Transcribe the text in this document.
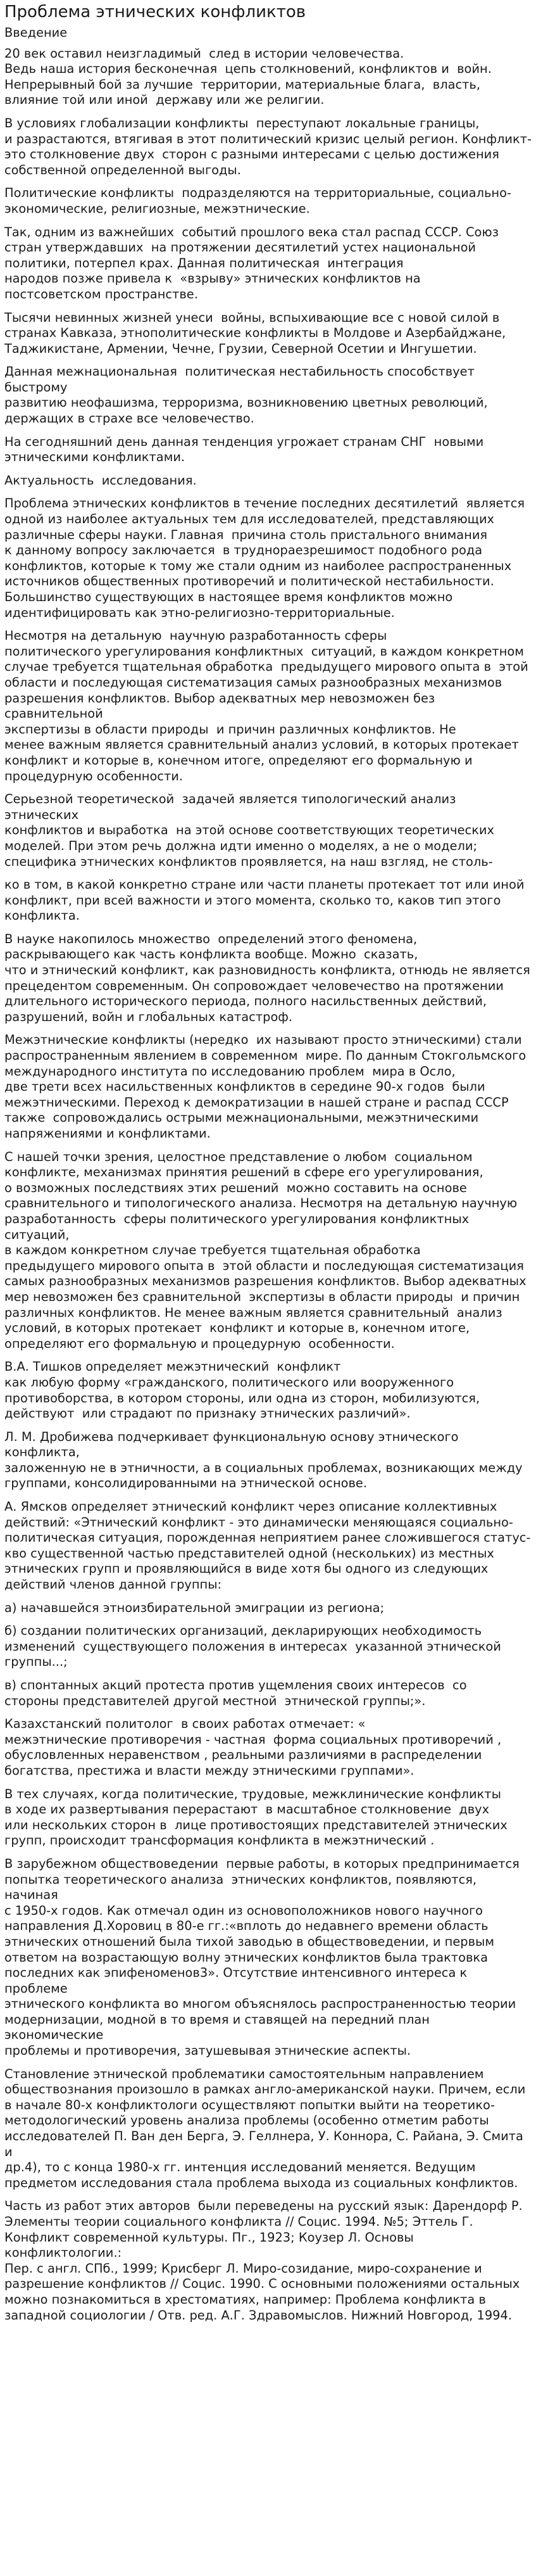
Проблема этнических конфликтов

Введение

20 век оставил неизгладимый  след в истории человечества.
Ведь наша история бесконечная  цепь столкновений, конфликтов и  войн.
Непрерывный бой за лучшие  территории, материальные блага,  власть,
влияние той или иной  державу или же религии.

В условиях глобализации конфликты  переступают локальные границы,
и разрастаются, втягивая в этот политический кризис целый регион. Конфликт-
это столкновение двух  сторон с разными интересами с целью достижения
собственной определенной выгоды.

Политические конфликты  подразделяются на территориальные, социально-
экономические, религиозные, межэтнические.

Так, одним из важнейших  событий прошлого века стал распад СССР. Союз
стран утверждавших  на протяжении десятилетий устех национальной
политики, потерпел крах. Данная политическая  интеграция
народов позже привела к  «взрыву» этнических конфликтов на
постсоветском пространстве.

Тысячи невинных жизней унеси  войны, вспыхивающие все с новой силой в
странах Кавказа, этнополитические конфликты в Молдове и Азербайджане,
Таджикистане, Армении, Чечне, Грузии, Северной Осетии и Ингушетии.

Данная межнациональная  политическая нестабильность способствует быстрому
развитию неофашизма, терроризма, возникновению цветных революций,
держащих в страхе все человечество.

На сегодняшний день данная тенденция угрожает странам СНГ  новыми
этническими конфликтами.

Актуальность  исследования.

Проблема этнических конфликтов в течение последних десятилетий  является
одной из наиболее актуальных тем для исследователей, представляющих
различные сферы науки. Главная  причина столь пристального внимания
к данному вопросу заключается  в труднораезрешимост подобного рода
конфликтов, которые к тому же стали одним из наиболее распространенных
источников общественных противоречий и политической нестабильности.
Большинство существующих в настоящее время конфликтов можно
идентифицировать как этно-религиозно-территориальные.

Несмотря на детальную  научную разработанность сферы
политического урегулирования конфликтных  ситуаций, в каждом конкретном
случае требуется тщательная обработка  предыдущего мирового опыта в  этой
области и последующая систематизация самых разнообразных механизмов
разрешения конфликтов. Выбор адекватных мер невозможен без сравнительной
экспертизы в области природы  и причин различных конфликтов. Не
менее важным является сравнительный анализ условий, в которых протекает
конфликт и которые в, конечном итоге, определяют его формальную и
процедурную особенности.

Серьезной теоретической  задачей является типологический анализ этнических
конфликтов и выработка  на этой основе соответствующих теоретических
моделей. При этом речь должна идти именно о моделях, а не о модели;
специфика этнических конфликтов проявляется, на наш взгляд, не столь-

ко в том, в какой конкретно стране или части планеты протекает тот или иной
конфликт, при всей важности и этого момента, сколько то, каков тип этого
конфликта.

В науке накопилось множество  определений этого феномена,
раскрывающего как часть конфликта вообще. Можно  сказать,
что и этнический конфликт, как разновидность конфликта, отнюдь не является
прецедентом современным. Он сопровождает человечество на протяжении
длительного исторического периода, полного насильственных действий,
разрушений, войн и глобальных катастроф.

Межэтнические конфликты (нередко  их называют просто этническими) стали
распространенным явлением в современном  мире. По данным Стокгольмского
международного института по исследованию проблем  мира в Осло,
две трети всех насильственных конфликтов в середине 90-х годов  были
межэтническими. Переход к демократизации в нашей стране и распад СССР
также  сопровождались острыми межнациональными, межэтническими
напряжениями и конфликтами.

С нашей точки зрения, целостное представление о любом  социальном
конфликте, механизмах принятия решений в сфере его урегулирования,
о возможных последствиях этих решений  можно составить на основе
сравнительного и типологического анализа. Несмотря на детальную научную
разработанность  сферы политического урегулирования конфликтных ситуаций,
в каждом конкретном случае требуется тщательная обработка
предыдущего мирового опыта в  этой области и последующая систематизация
самых разнообразных механизмов разрешения конфликтов. Выбор адекватных
мер невозможен без сравнительной  экспертизы в области природы  и причин
различных конфликтов. Не менее важным является сравнительный  анализ
условий, в которых протекает  конфликт и которые в, конечном итоге,
определяют его формальную и процедурную  особенности.

В.А. Тишков определяет межэтнический  конфликт
как любую форму «гражданского, политического или вооруженного
противоборства, в котором стороны, или одна из сторон, мобилизуются,
действуют  или страдают по признаку этнических различий».

Л. М. Дробижева подчеркивает функциональную основу этнического конфликта,
заложенную не в этничности, а в социальных проблемах, возникающих между
группами, консолидированными на этнической основе.

А. Ямсков определяет этнический конфликт через описание коллективных
действий: «Этнический конфликт - это динамически меняющаяся социально-
политическая ситуация, порожденная неприятием ранее сложившегося статус-
кво существенной частью представителей одной (нескольких) из местных
этнических групп и проявляющийся в виде хотя бы одного из следующих
действий членов данной группы:

а) начавшейся этноизбирательной эмиграции из региона;

б) создании политических организаций, декларирующих необходимость
изменений  существующего положения в интересах  указанной этнической
группы...;

в) спонтанных акций протеста против ущемления своих интересов  со
стороны представителей другой местной  этнической группы;».

Казахстанский политолог  в своих работах отмечает: «
межэтнические противоречия - частная  форма социальных противоречий ,
обусловленных неравенством , реальными различиями в распределении
богатства, престижа и власти между этническими группами».

В тех случаях, когда политические, трудовые, межклинические конфликты
в ходе их развертывания перерастают  в масштабное столкновение  двух
или нескольких сторон в  лице противостоящих представителей этнических
групп, происходит трансформация конфликта в межэтнический .

В зарубежном обществоведении  первые работы, в которых предпринимается
попытка теоретического анализа  этнических конфликтов, появляются, начиная
с 1950-х годов. Как отмечал один из основоположников нового научного
направления Д.Хоровиц в 80-е гг.:«вплоть до недавнего времени область
этнических отношений была тихой заводью в обществоведении, и первым
ответом на возрастающую волну этнических конфликтов была трактовка
последних как эпифеноменов3». Отсутствие интенсивного интереса к проблеме
этнического конфликта во многом объяснялось распространенностью теории
модернизации, модной в то время и ставящей на передний план экономические
проблемы и противоречия, затушевывая этнические аспекты.

Становление этнической проблематики самостоятельным направлением
обществознания произошло в рамках англо-американской науки. Причем, если
в начале 80-х конфликтологи осуществляют попытки выйти на теоретико-
методологический уровень анализа проблемы (особенно отметим работы
исследователей П. Ван ден Берга, Э. Геллнера, У. Коннора, С. Райана, Э. Смита и
др.4), то с конца 1980-х гг. интенция исследований меняется. Ведущим
предметом исследования стала проблема выхода из социальных конфликтов.

Часть из работ этих авторов  были переведены на русский язык: Дарендорф Р.
Элементы теории социального конфликта // Социс. 1994. №5; Эттель Г.
Конфликт современной культуры. Пг., 1923; Коузер Л. Основы конфликтологии.:
Пер. с англ. СПб., 1999; Крисберг Л. Миро-созидание, миро-сохранение и
разрешение конфликтов // Социс. 1990. С основными положениями остальных
можно познакомиться в хрестоматиях, например: Проблема конфликта в
западной социологии / Отв. ред. А.Г. Здравомыслов. Нижний Новгород, 1994.
